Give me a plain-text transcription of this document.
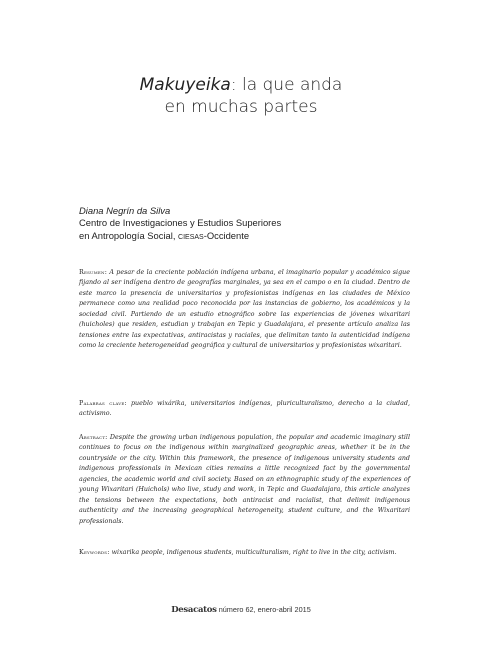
Makuyeika: la que anda
en muchas partes
Diana Negrín da Silva
Centro de Investigaciones y Estudios Superiores
en Antropología Social, ciesas-Occidente
Resumen: A pesar de la creciente población indígena urbana, el imaginario popular y académico sigue fijando al ser indígena dentro de geografías marginales, ya sea en el campo o en la ciudad. Dentro de este marco la presencia de universitarios y profesionistas indígenas en las ciudades de México permanece como una realidad poco reconocida por las instancias de gobierno, los académicos y la sociedad civil. Partiendo de un estudio etnográfico sobre las experiencias de jóvenes wixaritari (huicholes) que residen, estudian y trabajan en Tepic y Guadalajara, el presente artículo analiza las tensiones entre las expectativas, antiracistas y raciales, que delimitan tanto la autenticidad indígena como la creciente heterogeneidad geográfica y cultural de universitarios y profesionistas wixaritari.
Palabras clave: pueblo wixárika, universitarios indígenas, pluriculturalismo, derecho a la ciudad, activismo.
Abstract: Despite the growing urban indigenous population, the popular and academic imaginary still continues to focus on the indigenous within marginalized geographic areas, whether it be in the countryside or the city. Within this framework, the presence of indigenous university students and indigenous professionals in Mexican cities remains a little recognized fact by the governmental agencies, the academic world and civil society. Based on an ethnographic study of the experiences of young Wixaritari (Huichols) who live, study and work, in Tepic and Guadalajara, this article analyzes the tensions between the expectations, both antiracist and racialist, that delimit indigenous authenticity and the increasing geographical heterogeneity, student culture, and the Wixaritari professionals.
Keywords: wixarika people, indigenous students, multiculturalism, right to live in the city, activism.
Desacatos número 62, enero-abril 2015
